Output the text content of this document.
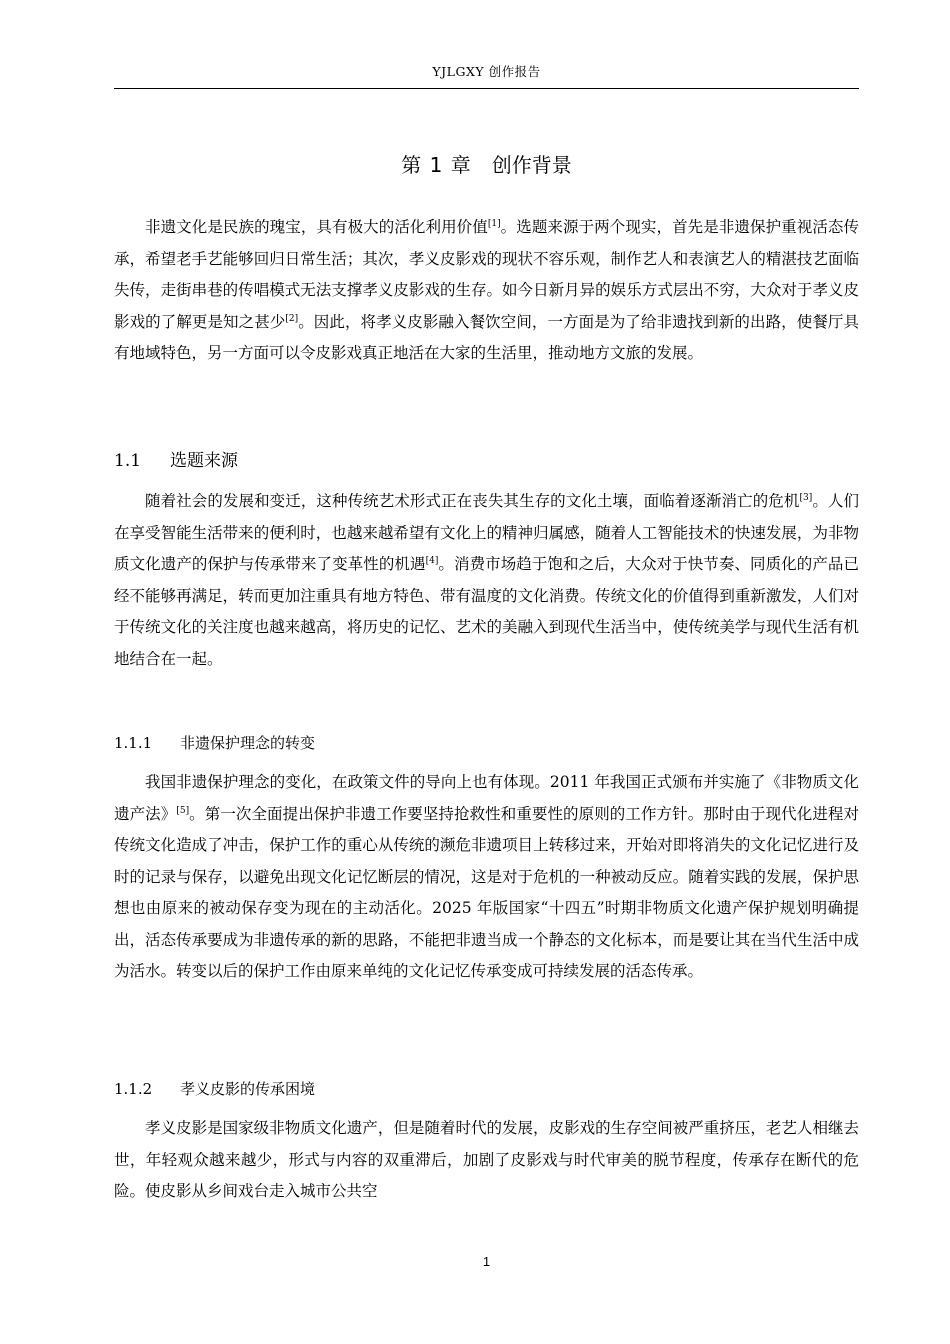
YJLGXY 创作报告
第 1 章 创作背景

非遗文化是民族的瑰宝，具有极大的活化利用价值[1]。选题来源于两个现实，首先是非遗保护重视活态传承，希望老手艺能够回归日常生活；其次，孝义皮影戏的现状不容乐观，制作艺人和表演艺人的精湛技艺面临失传，走街串巷的传唱模式无法支撑孝义皮影戏的生存。如今日新月异的娱乐方式层出不穷，大众对于孝义皮影戏的了解更是知之甚少[2]。因此，将孝义皮影融入餐饮空间，一方面是为了给非遗找到新的出路，使餐厅具有地域特色，另一方面可以令皮影戏真正地活在大家的生活里，推动地方文旅的发展。

1.1 选题来源

随着社会的发展和变迁，这种传统艺术形式正在丧失其生存的文化土壤，面临着逐渐消亡的危机[3]。人们在享受智能生活带来的便利时，也越来越希望有文化上的精神归属感，随着人工智能技术的快速发展，为非物质文化遗产的保护与传承带来了变革性的机遇[4]。消费市场趋于饱和之后，大众对于快节奏、同质化的产品已经不能够再满足，转而更加注重具有地方特色、带有温度的文化消费。传统文化的价值得到重新激发，人们对于传统文化的关注度也越来越高，将历史的记忆、艺术的美融入到现代生活当中，使传统美学与现代生活有机地结合在一起。

1.1.1 非遗保护理念的转变

我国非遗保护理念的变化，在政策文件的导向上也有体现。2011 年我国正式颁布并实施了《非物质文化遗产法》[5]。第一次全面提出保护非遗工作要坚持抢救性和重要性的原则的工作方针。那时由于现代化进程对传统文化造成了冲击，保护工作的重心从传统的濒危非遗项目上转移过来，开始对即将消失的文化记忆进行及时的记录与保存，以避免出现文化记忆断层的情况，这是对于危机的一种被动反应。随着实践的发展，保护思想也由原来的被动保存变为现在的主动活化。2025 年版国家“十四五”时期非物质文化遗产保护规划明确提出，活态传承要成为非遗传承的新的思路，不能把非遗当成一个静态的文化标本，而是要让其在当代生活中成为活水。转变以后的保护工作由原来单纯的文化记忆传承变成可持续发展的活态传承。

1.1.2 孝义皮影的传承困境

孝义皮影是国家级非物质文化遗产，但是随着时代的发展，皮影戏的生存空间被严重挤压，老艺人相继去世，年轻观众越来越少，形式与内容的双重滞后，加剧了皮影戏与时代审美的脱节程度，传承存在断代的危险。使皮影从乡间戏台走入城市公共空

1
